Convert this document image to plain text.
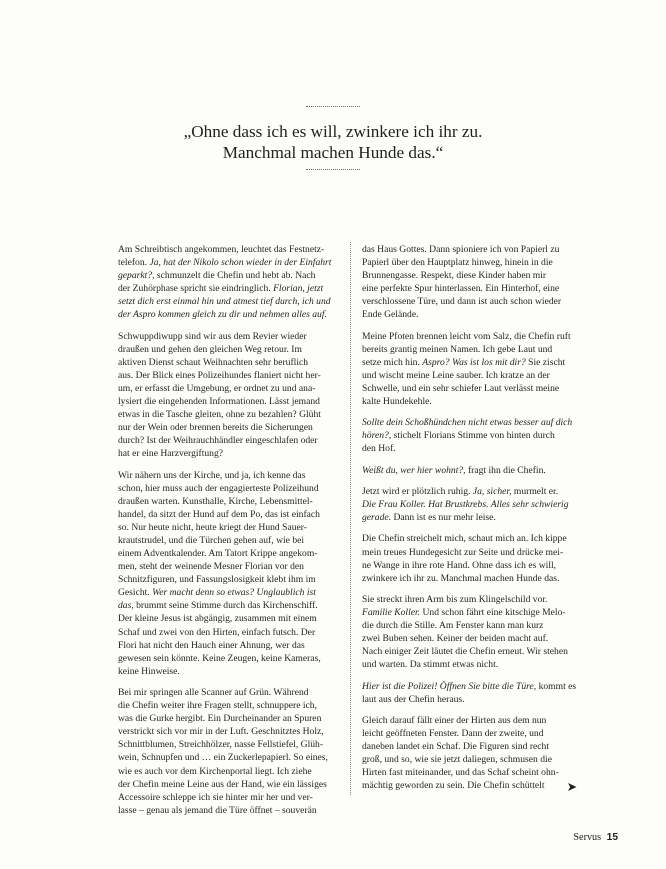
„Ohne dass ich es will, zwinkere ich ihr zu.
Manchmal machen Hunde das.“
Am Schreibtisch angekommen, leuchtet das Festnetz-
telefon. Ja, hat der Nikolo schon wieder in der Einfahrt
geparkt?, schmunzelt die Chefin und hebt ab. Nach
der Zuhörphase spricht sie eindringlich. Florian, jetzt
setzt dich erst einmal hin und atmest tief durch, ich und
der Aspro kommen gleich zu dir und nehmen alles auf.
Schwuppdiwupp sind wir aus dem Revier wieder
draußen und gehen den gleichen Weg retour. Im
aktiven Dienst schaut Weihnachten sehr beruflich
aus. Der Blick eines Polizeihundes flaniert nicht her-
um, er erfasst die Umgebung, er ordnet zu und ana-
lysiert die eingehenden Informationen. Lässt jemand
etwas in die Tasche gleiten, ohne zu bezahlen? Glüht
nur der Wein oder brennen bereits die Sicherungen
durch? Ist der Weihrauchhändler eingeschlafen oder
hat er eine Harzvergiftung?
Wir nähern uns der Kirche, und ja, ich kenne das
schon, hier muss auch der engagierteste Polizeihund
draußen warten. Kunsthalle, Kirche, Lebensmittel-
handel, da sitzt der Hund auf dem Po, das ist einfach
so. Nur heute nicht, heute kriegt der Hund Sauer-
krautstrudel, und die Türchen gehen auf, wie bei
einem Adventkalender. Am Tatort Krippe angekom-
men, steht der weinende Mesner Florian vor den
Schnitzfiguren, und Fassungslosigkeit klebt ihm im
Gesicht. Wer macht denn so etwas? Unglaublich ist
das, brummt seine Stimme durch das Kirchenschiff.
Der kleine Jesus ist abgängig, zusammen mit einem
Schaf und zwei von den Hirten, einfach futsch. Der
Flori hat nicht den Hauch einer Ahnung, wer das
gewesen sein könnte. Keine Zeugen, keine Kameras,
keine Hinweise.
Bei mir springen alle Scanner auf Grün. Während
die Chefin weiter ihre Fragen stellt, schnuppere ich,
was die Gurke hergibt. Ein Durcheinander an Spuren
verstrickt sich vor mir in der Luft. Geschnitztes Holz,
Schnittblumen, Streichhölzer, nasse Fellstiefel, Glüh-
wein, Schnupfen und … ein Zuckerlepapierl. So eines,
wie es auch vor dem Kirchenportal liegt. Ich ziehe
der Chefin meine Leine aus der Hand, wie ein lässiges
Accessoire schleppe ich sie hinter mir her und ver-
lasse – genau als jemand die Türe öffnet – souverän
das Haus Gottes. Dann spioniere ich von Papierl zu
Papierl über den Hauptplatz hinweg, hinein in die
Brunnengasse. Respekt, diese Kinder haben mir
eine perfekte Spur hinterlassen. Ein Hinterhof, eine
verschlossene Türe, und dann ist auch schon wieder
Ende Gelände.
Meine Pfoten brennen leicht vom Salz, die Chefin ruft
bereits grantig meinen Namen. Ich gebe Laut und
setze mich hin. Aspro? Was ist los mit dir? Sie zischt
und wischt meine Leine sauber. Ich kratze an der
Schwelle, und ein sehr schiefer Laut verlässt meine
kalte Hundekehle.
Sollte dein Schoßhündchen nicht etwas besser auf dich
hören?, stichelt Florians Stimme von hinten durch
den Hof.
Weißt du, wer hier wohnt?, fragt ihn die Chefin.
Jetzt wird er plötzlich ruhig. Ja, sicher, murmelt er.
Die Frau Koller. Hat Brustkrebs. Alles sehr schwierig
gerade. Dann ist es nur mehr leise.
Die Chefin streichelt mich, schaut mich an. Ich kippe
mein treues Hundegesicht zur Seite und drücke mei-
ne Wange in ihre rote Hand. Ohne dass ich es will,
zwinkere ich ihr zu. Manchmal machen Hunde das.
Sie streckt ihren Arm bis zum Klingelschild vor.
Familie Koller. Und schon fährt eine kitschige Melo-
die durch die Stille. Am Fenster kann man kurz
zwei Buben sehen. Keiner der beiden macht auf.
Nach einiger Zeit läutet die Chefin erneut. Wir stehen
und warten. Da stimmt etwas nicht.
Hier ist die Polizei! Öffnen Sie bitte die Türe, kommt es
laut aus der Chefin heraus.
Gleich darauf fällt einer der Hirten aus dem nun
leicht geöffneten Fenster. Dann der zweite, und
daneben landet ein Schaf. Die Figuren sind recht
groß, und so, wie sie jetzt daliegen, schmusen die
Hirten fast miteinander, und das Schaf scheint ohn-
mächtig geworden zu sein. Die Chefin schüttelt
Servus 15
